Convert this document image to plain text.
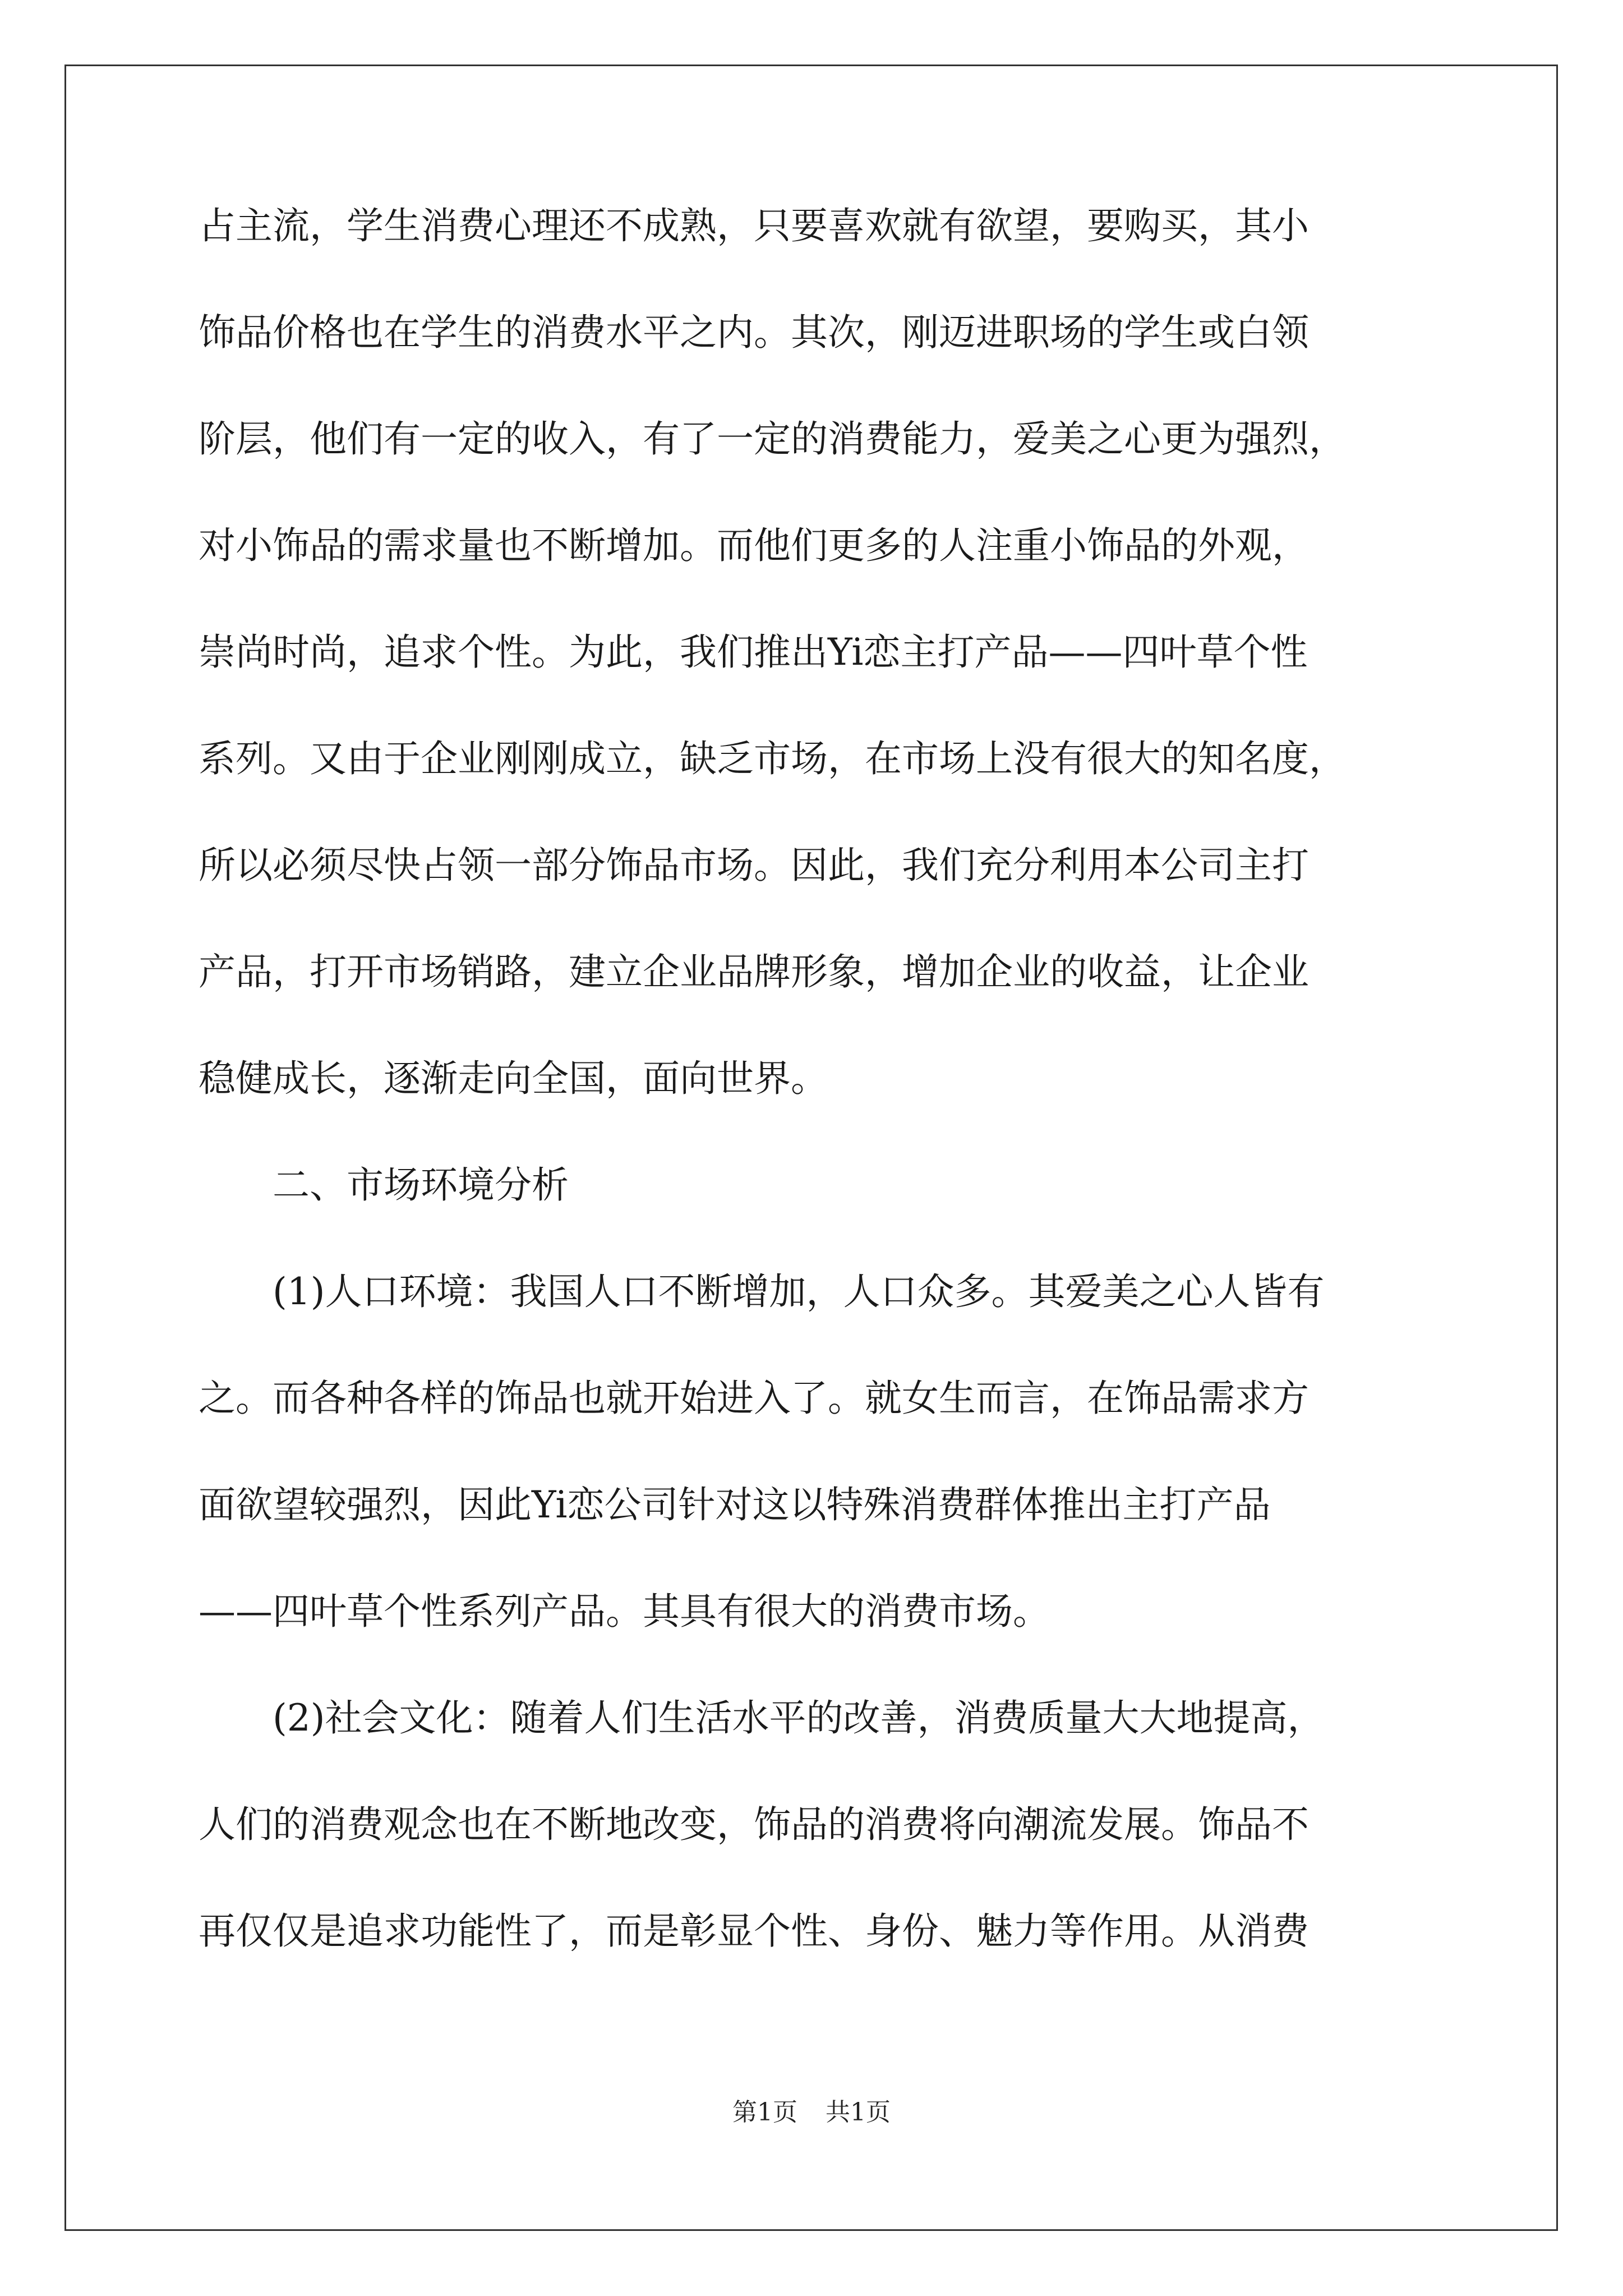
占主流，学生消费心理还不成熟，只要喜欢就有欲望，要购买，其小
饰品价格也在学生的消费水平之内。其次，刚迈进职场的学生或白领
阶层，他们有一定的收入，有了一定的消费能力，爱美之心更为强烈，
对小饰品的需求量也不断增加。而他们更多的人注重小饰品的外观，
崇尚时尚，追求个性。为此，我们推出Yi恋主打产品——四叶草个性
系列。又由于企业刚刚成立，缺乏市场，在市场上没有很大的知名度，
所以必须尽快占领一部分饰品市场。因此，我们充分利用本公司主打
产品，打开市场销路，建立企业品牌形象，增加企业的收益，让企业
稳健成长，逐渐走向全国，面向世界。
二、市场环境分析
(1)人口环境：我国人口不断增加，人口众多。其爱美之心人皆有
之。而各种各样的饰品也就开始进入了。就女生而言，在饰品需求方
面欲望较强烈，因此Yi恋公司针对这以特殊消费群体推出主打产品
——四叶草个性系列产品。其具有很大的消费市场。
(2)社会文化：随着人们生活水平的改善，消费质量大大地提高，
人们的消费观念也在不断地改变，饰品的消费将向潮流发展。饰品不
再仅仅是追求功能性了，而是彰显个性、身份、魅力等作用。从消费
第1页 共1页
